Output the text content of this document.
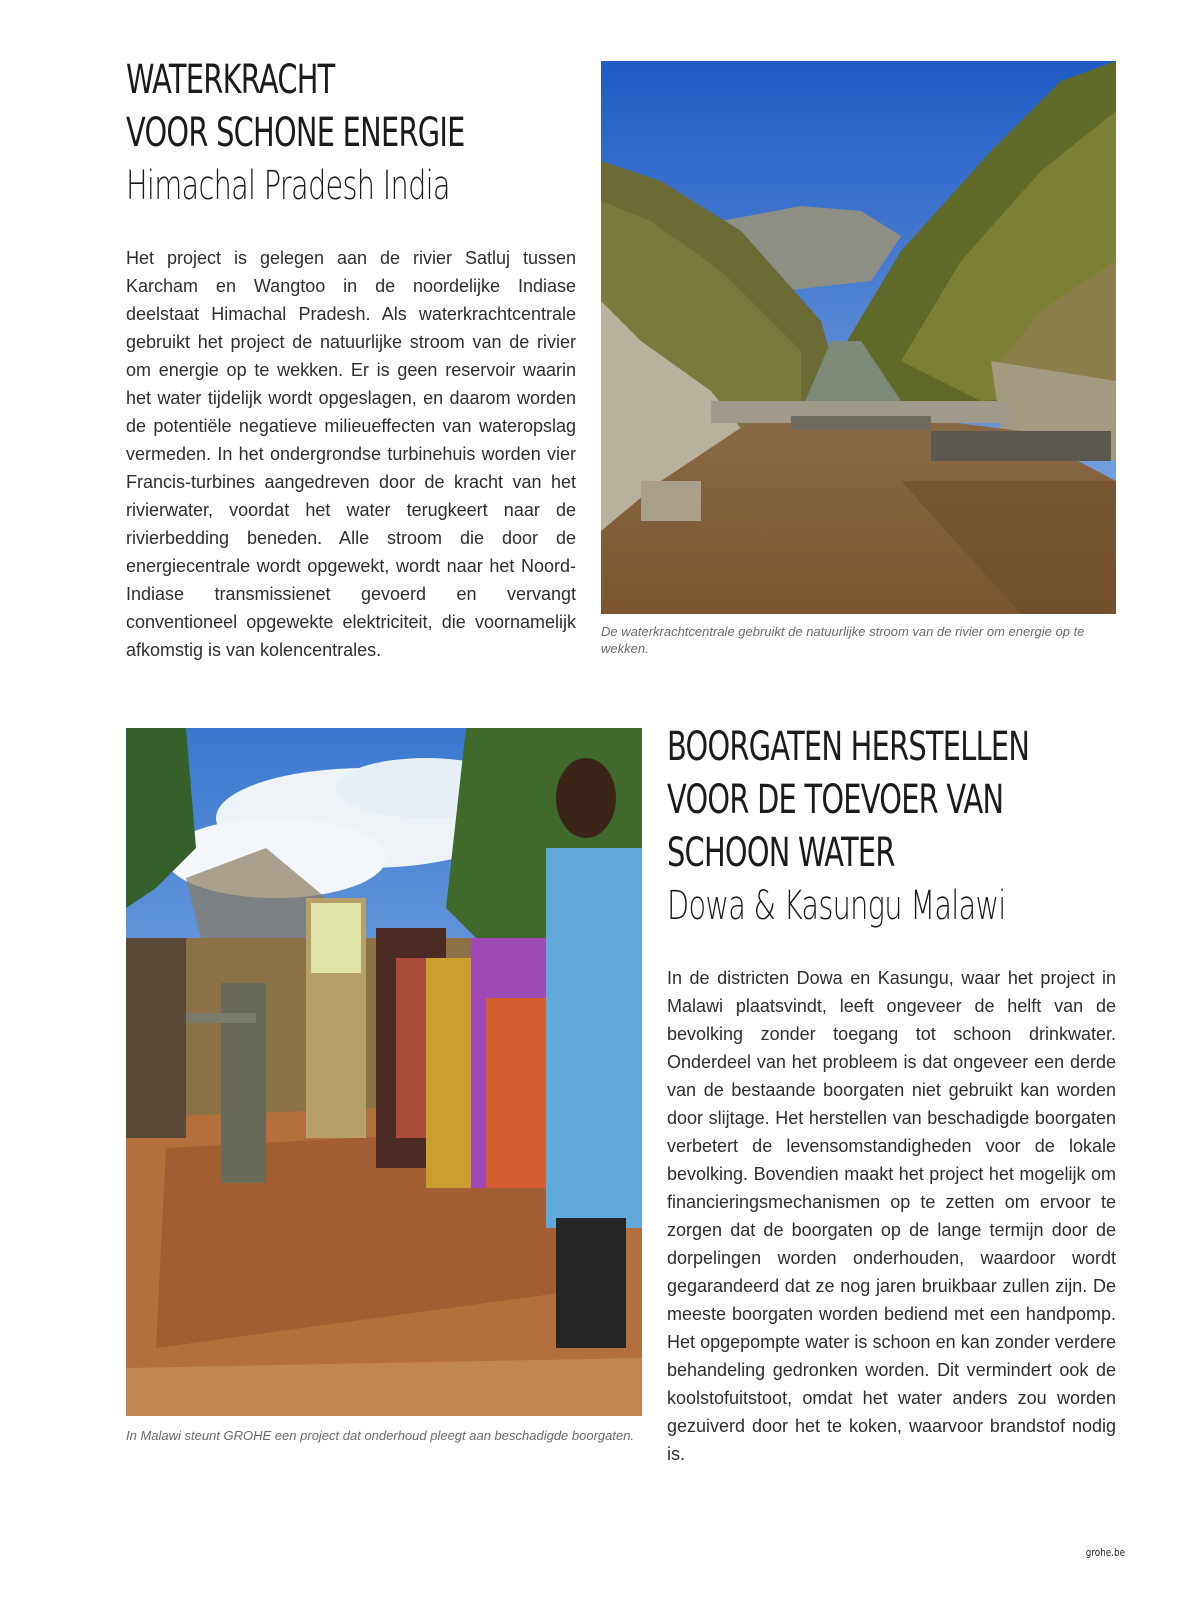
WATERKRACHT
VOOR SCHONE ENERGIE
Himachal Pradesh India

Het project is gelegen aan de rivier Satluj tussen Karcham en Wangtoo in de noordelijke Indiase deelstaat Himachal Pradesh. Als waterkrachtcentrale gebruikt het project de natuurlijke stroom van de rivier om energie op te wekken. Er is geen reservoir waarin het water tijdelijk wordt opgeslagen, en daarom worden de potentiële negatieve milieueffecten van wateropslag vermeden. In het ondergrondse turbinehuis worden vier Francis-turbines aangedreven door de kracht van het rivierwater, voordat het water terugkeert naar de rivierbedding beneden. Alle stroom die door de energiecentrale wordt opgewekt, wordt naar het Noord-Indiase transmissienet gevoerd en vervangt conventioneel opgewekte elektriciteit, die voornamelijk afkomstig is van kolencentrales.

De waterkrachtcentrale gebruikt de natuurlijke stroom van de rivier om energie op te wekken.

In Malawi steunt GROHE een project dat onderhoud pleegt aan beschadigde boorgaten.

BOORGATEN HERSTELLEN
VOOR DE TOEVOER VAN
SCHOON WATER
Dowa & Kasungu Malawi

In de districten Dowa en Kasungu, waar het project in Malawi plaatsvindt, leeft ongeveer de helft van de bevolking zonder toegang tot schoon drinkwater. Onderdeel van het probleem is dat ongeveer een derde van de bestaande boorgaten niet gebruikt kan worden door slijtage. Het herstellen van beschadigde boorgaten verbetert de levensomstandigheden voor de lokale bevolking. Bovendien maakt het project het mogelijk om financieringsmechanismen op te zetten om ervoor te zorgen dat de boorgaten op de lange termijn door de dorpelingen worden onderhouden, waardoor wordt gegarandeerd dat ze nog jaren bruikbaar zullen zijn. De meeste boorgaten worden bediend met een handpomp. Het opgepompte water is schoon en kan zonder verdere behandeling gedronken worden. Dit vermindert ook de koolstofuitstoot, omdat het water anders zou worden gezuiverd door het te koken, waarvoor brandstof nodig is.

grohe.be
